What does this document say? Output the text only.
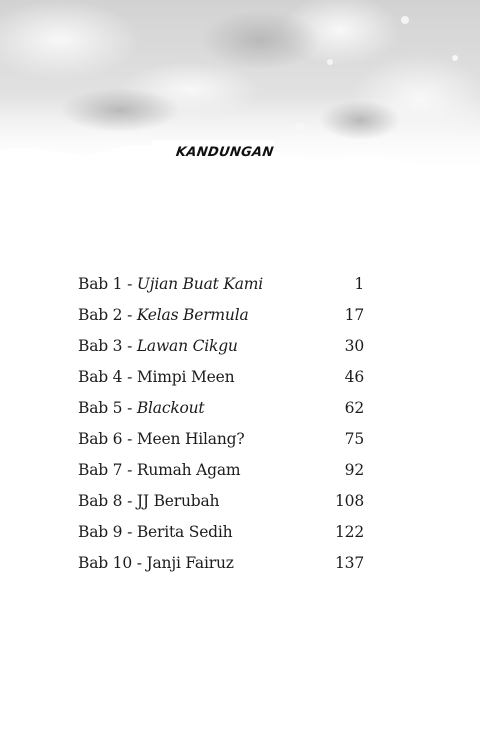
KANDUNGAN
Bab 1 - Ujian Buat Kami	1
Bab 2 - Kelas Bermula	17
Bab 3 - Lawan Cikgu	30
Bab 4 - Mimpi Meen	46
Bab 5 - Blackout	62
Bab 6 - Meen Hilang?	75
Bab 7 - Rumah Agam	92
Bab 8 - JJ Berubah	108
Bab 9 - Berita Sedih	122
Bab 10 - Janji Fairuz	137
